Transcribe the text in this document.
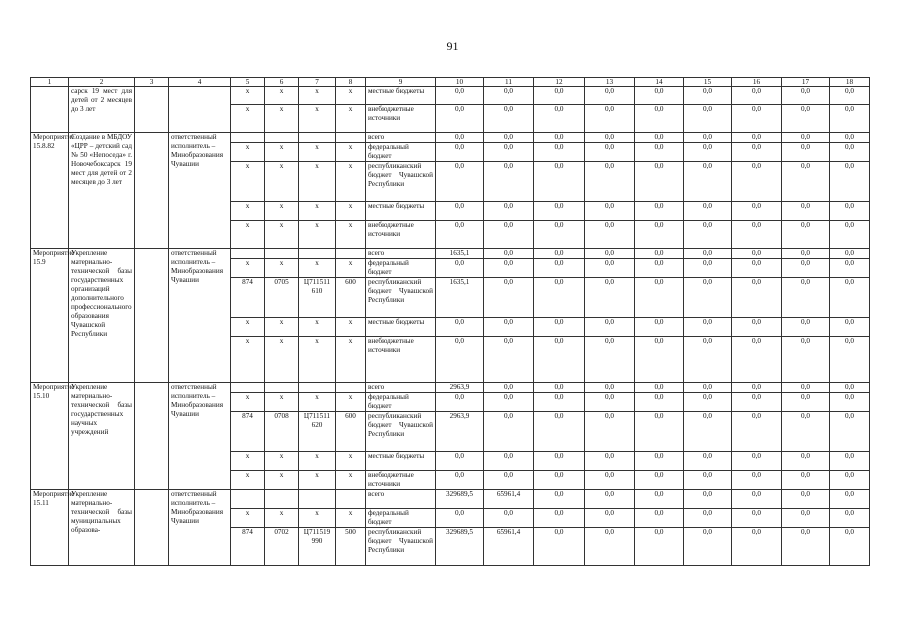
91
1	2	3	4	5	6	7	8	9	10	11	12	13	14	15	16	17	18
	сарск 19 мест для детей от 2 месяцев до 3 лет			x	x	x	x	местные бюджеты	0,0	0,0	0,0	0,0	0,0	0,0	0,0	0,0	0,0
				x	x	x	x	внебюджетные источники	0,0	0,0	0,0	0,0	0,0	0,0	0,0	0,0	0,0
Мероприятие 15.8.82	Создание в МБДОУ «ЦРР – детский сад № 50 «Непоседа» г. Новочебоксарск 19 мест для детей от 2 месяцев до 3 лет		ответственный исполнитель – Минобразования Чувашии					всего	0,0	0,0	0,0	0,0	0,0	0,0	0,0	0,0	0,0
				x	x	x	x	федеральный бюджет	0,0	0,0	0,0	0,0	0,0	0,0	0,0	0,0	0,0
				x	x	x	x	республиканский бюджет Чувашской Республики	0,0	0,0	0,0	0,0	0,0	0,0	0,0	0,0	0,0
				x	x	x	x	местные бюджеты	0,0	0,0	0,0	0,0	0,0	0,0	0,0	0,0	0,0
				x	x	x	x	внебюджетные источники	0,0	0,0	0,0	0,0	0,0	0,0	0,0	0,0	0,0
Мероприятие 15.9	Укрепление материально-технической базы государственных организаций дополнительного профессионального образования Чувашской Республики		ответственный исполнитель – Минобразования Чувашии					всего	1635,1	0,0	0,0	0,0	0,0	0,0	0,0	0,0	0,0
				x	x	x	x	федеральный бюджет	0,0	0,0	0,0	0,0	0,0	0,0	0,0	0,0	0,0
				874	0705	Ц711511 610	600	республиканский бюджет Чувашской Республики	1635,1	0,0	0,0	0,0	0,0	0,0	0,0	0,0	0,0
				x	x	x	x	местные бюджеты	0,0	0,0	0,0	0,0	0,0	0,0	0,0	0,0	0,0
				x	x	x	x	внебюджетные источники	0,0	0,0	0,0	0,0	0,0	0,0	0,0	0,0	0,0
Мероприятие 15.10	Укрепление материально-технической базы государственных научных учреждений		ответственный исполнитель – Минобразования Чувашии					всего	2963,9	0,0	0,0	0,0	0,0	0,0	0,0	0,0	0,0
				x	x	x	x	федеральный бюджет	0,0	0,0	0,0	0,0	0,0	0,0	0,0	0,0	0,0
				874	0708	Ц711511 620	600	республиканский бюджет Чувашской Республики	2963,9	0,0	0,0	0,0	0,0	0,0	0,0	0,0	0,0
				x	x	x	x	местные бюджеты	0,0	0,0	0,0	0,0	0,0	0,0	0,0	0,0	0,0
				x	x	x	x	внебюджетные источники	0,0	0,0	0,0	0,0	0,0	0,0	0,0	0,0	0,0
Мероприятие 15.11	Укрепление материально-технической базы муниципальных образова-		ответственный исполнитель – Минобразования Чувашии					всего	329689,5	65961,4	0,0	0,0	0,0	0,0	0,0	0,0	0,0
				x	x	x	x	федеральный бюджет	0,0	0,0	0,0	0,0	0,0	0,0	0,0	0,0	0,0
				874	0702	Ц711519 990	500	республиканский бюджет Чувашской Республики	329689,5	65961,4	0,0	0,0	0,0	0,0	0,0	0,0	0,0
